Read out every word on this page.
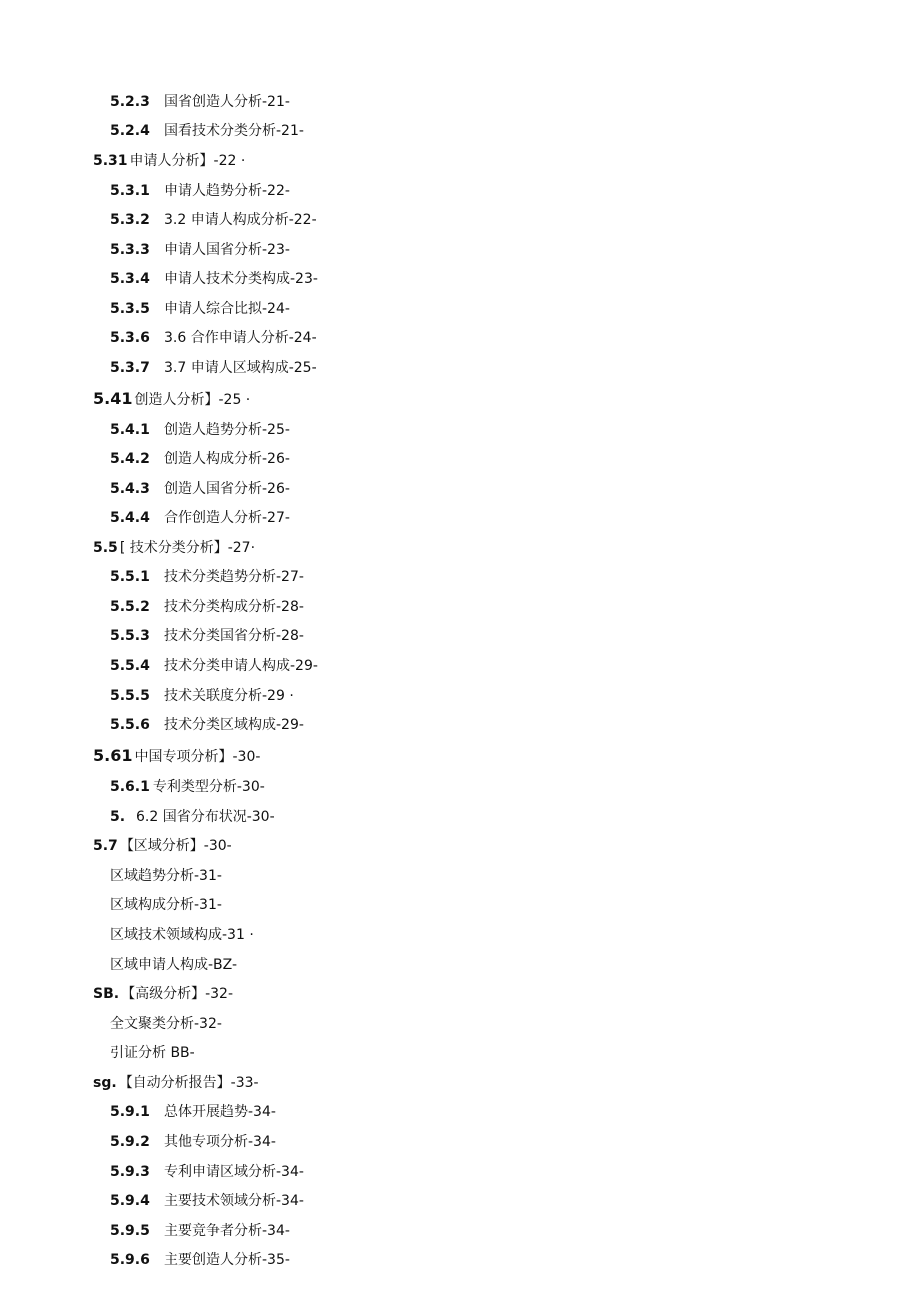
5.2.3 国省创造人分析-21-
5.2.4 国看技术分类分析-21-
5.31 申请人分析】-22 ·
5.3.1 申请人趋势分析-22-
5.3.2 3.2 申请人构成分析-22-
5.3.3 申请人国省分析-23-
5.3.4 申请人技术分类构成-23-
5.3.5 申请人综合比拟-24-
5.3.6 3.6 合作申请人分析-24-
5.3.7 3.7 申请人区域构成-25-
5.41 创造人分析】-25 ·
5.4.1 创造人趋势分析-25-
5.4.2 创造人构成分析-26-
5.4.3 创造人国省分析-26-
5.4.4 合作创造人分析-27-
5.5 [ 技术分类分析】-27·
5.5.1 技术分类趋势分析-27-
5.5.2 技术分类构成分析-28-
5.5.3 技术分类国省分析-28-
5.5.4 技术分类申请人构成-29-
5.5.5 技术关联度分析-29 ·
5.5.6 技术分类区域构成-29-
5.61 中国专项分析】-30-
5.6.1 专利类型分析-30-
5. 6.2 国省分布状况-30-
5.7 【区域分析】-30-
区域趋势分析-31-
区域构成分析-31-
区域技术领域构成-31 ·
区域申请人构成-BZ-
SB. 【高级分析】-32-
全文聚类分析-32-
引证分析 BB-
sg. 【自动分析报告】-33-
5.9.1 总体开展趋势-34-
5.9.2 其他专项分析-34-
5.9.3 专利申请区域分析-34-
5.9.4 主要技术领域分析-34-
5.9.5 主要竞争者分析-34-
5.9.6 主要创造人分析-35-
